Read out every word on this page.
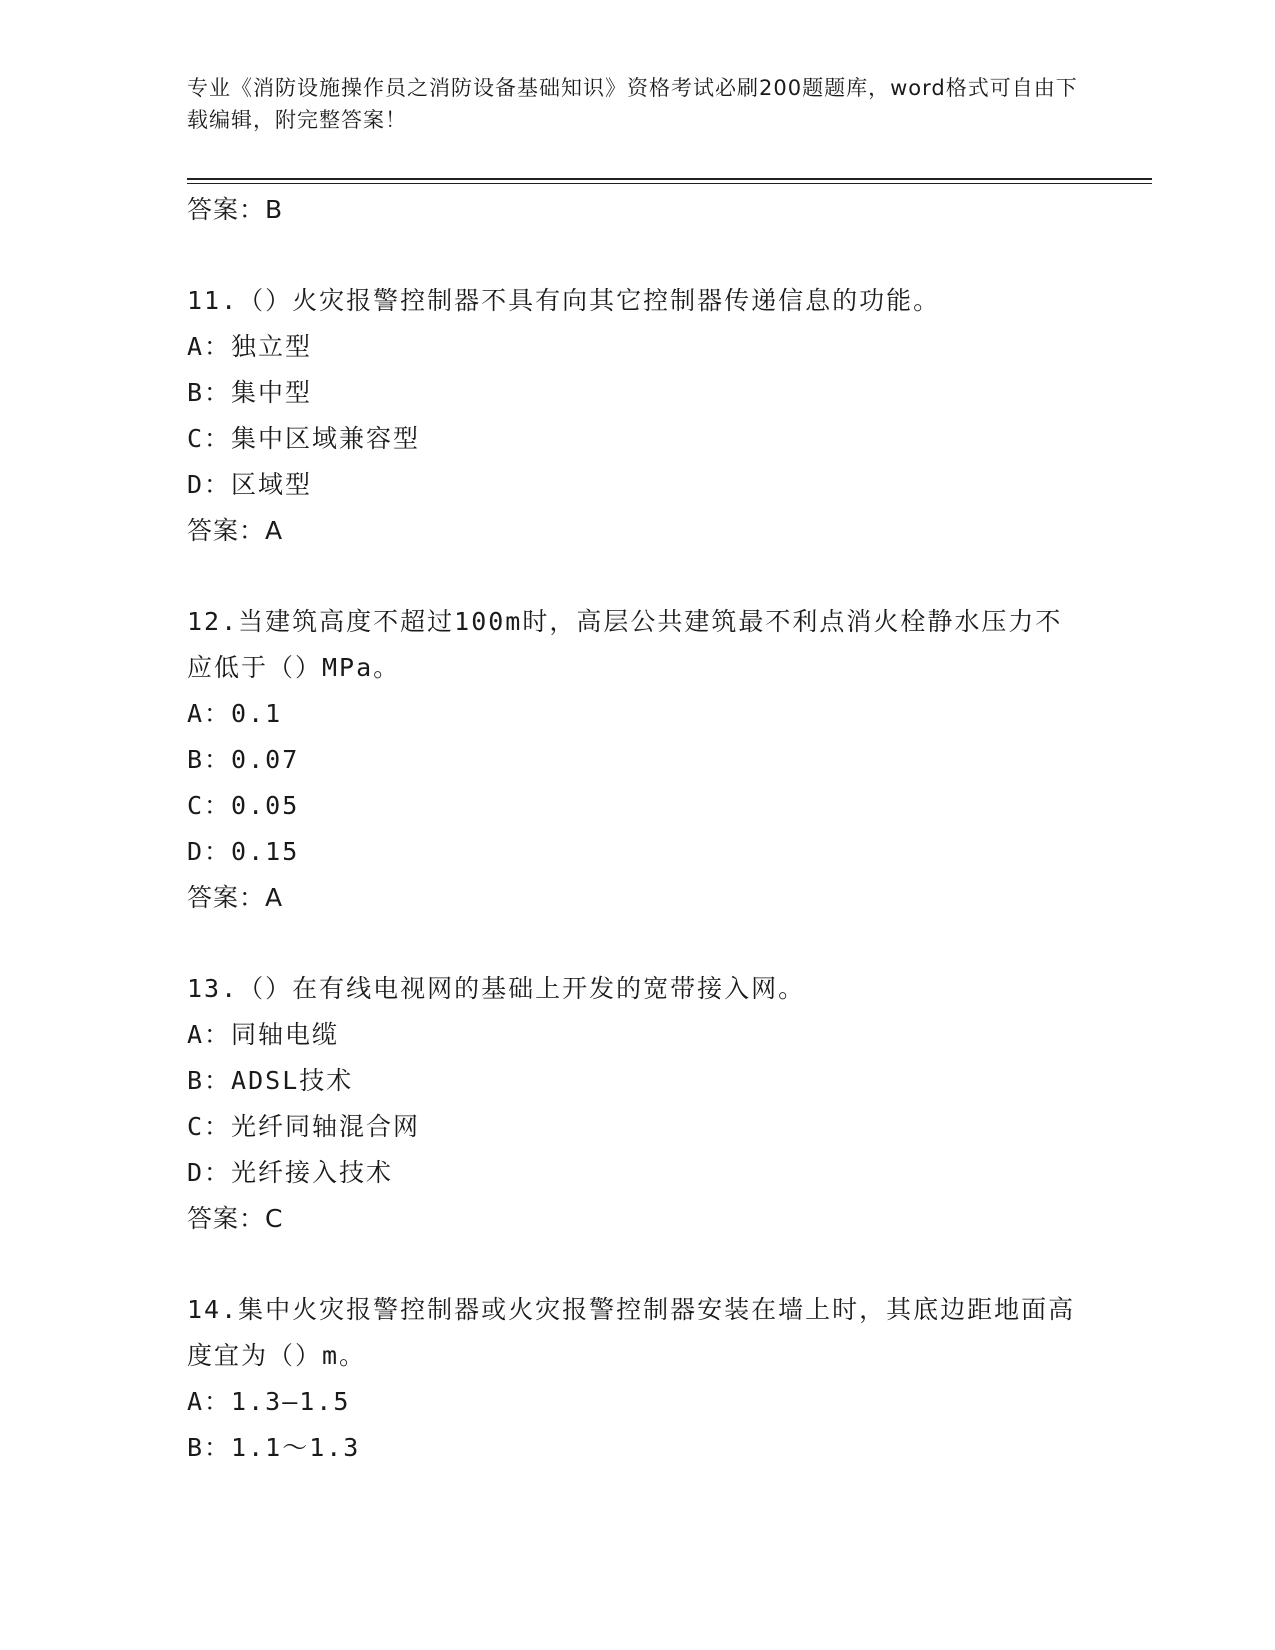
专业《消防设施操作员之消防设备基础知识》资格考试必刷200题题库，word格式可自由下载编辑，附完整答案！
答案：B
11.（）火灾报警控制器不具有向其它控制器传递信息的功能。
A：独立型
B：集中型
C：集中区域兼容型
D：区域型
答案：A
12.当建筑高度不超过100m时，高层公共建筑最不利点消火栓静水压力不应低于（）MPa。
A：0.1
B：0.07
C：0.05
D：0.15
答案：A
13.（）在有线电视网的基础上开发的宽带接入网。
A：同轴电缆
B：ADSL技术
C：光纤同轴混合网
D：光纤接入技术
答案：C
14.集中火灾报警控制器或火灾报警控制器安装在墙上时，其底边距地面高度宜为（）m。
A：1.3—1.5
B：1.1～1.3
